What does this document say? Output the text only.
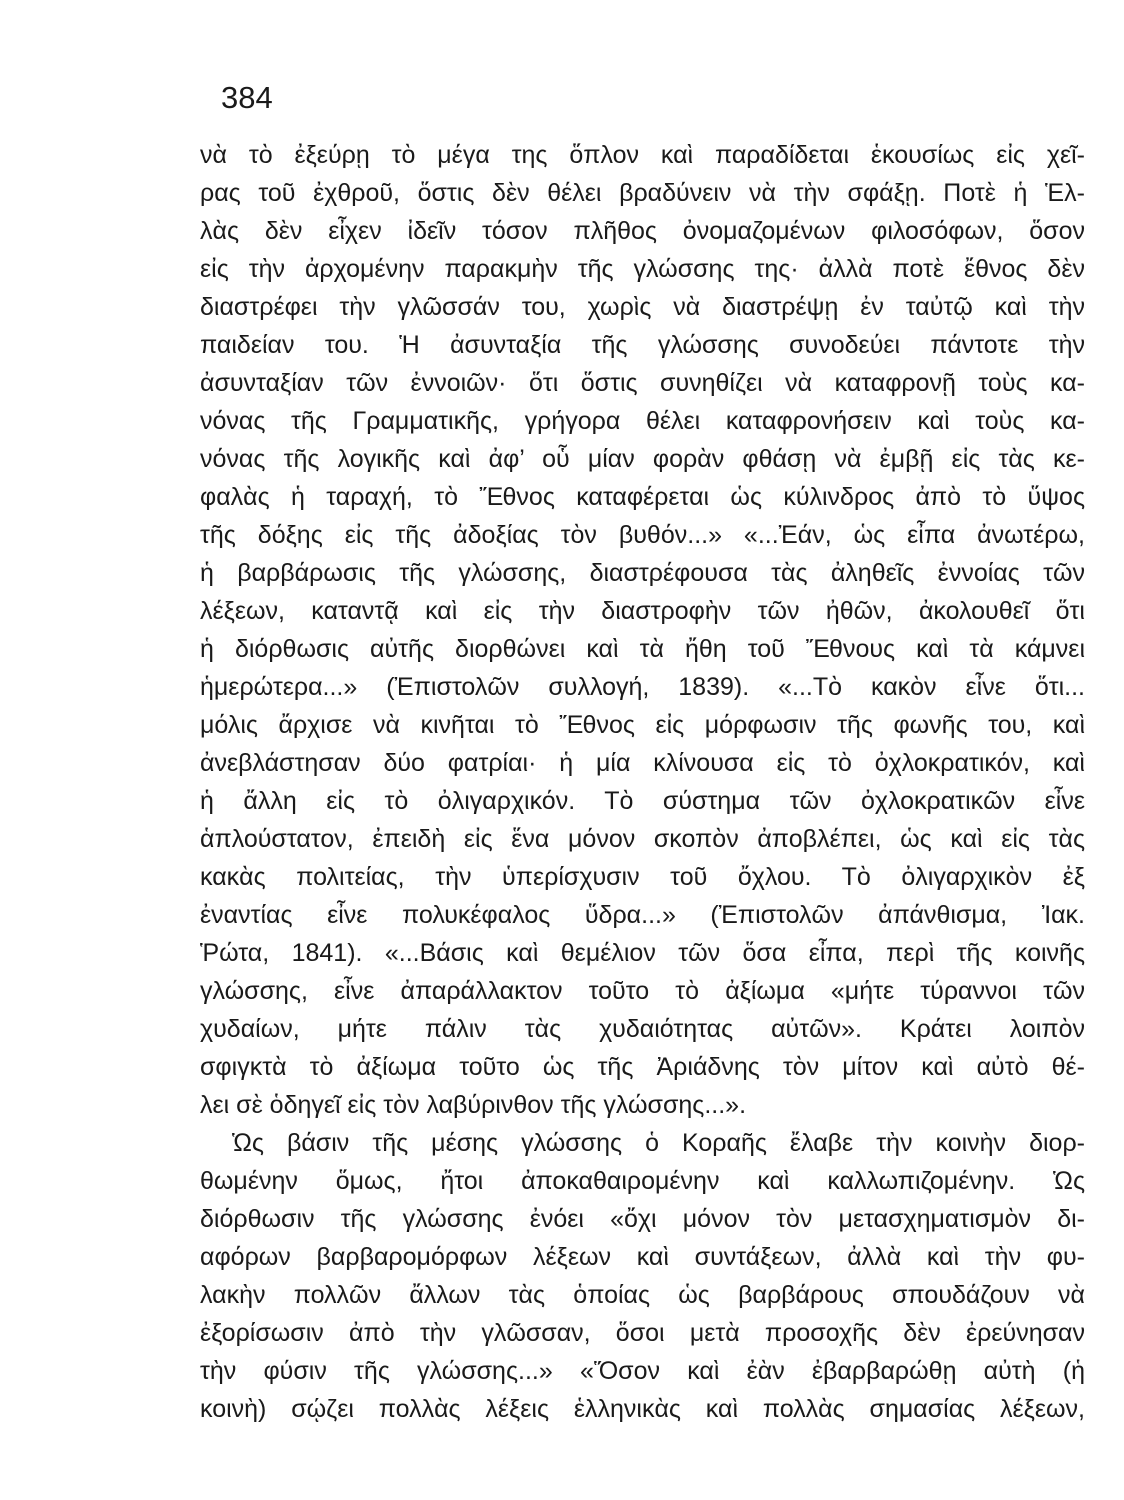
384
νὰ τὸ ἐξεύρῃ τὸ μέγα της ὅπλον καὶ παραδίδεται ἑκουσίως εἰς χεῖ-
ρας τοῦ ἐχθροῦ, ὅστις δὲν θέλει βραδύνειν νὰ τὴν σφάξῃ. Ποτὲ ἡ Ἑλ-
λὰς δὲν εἶχεν ἰδεῖν τόσον πλῆθος ὀνομαζομένων φιλοσόφων, ὅσον
εἰς τὴν ἀρχομένην παρακμὴν τῆς γλώσσης της· ἀλλὰ ποτὲ ἔθνος δὲν
διαστρέφει τὴν γλῶσσάν του, χωρὶς νὰ διαστρέψῃ ἐν ταὐτῷ καὶ τὴν
παιδείαν του. Ἡ ἀσυνταξία τῆς γλώσσης συνοδεύει πάντοτε τὴν
ἀσυνταξίαν τῶν ἐννοιῶν· ὅτι ὅστις συνηθίζει νὰ καταφρονῇ τοὺς κα-
νόνας τῆς Γραμματικῆς, γρήγορα θέλει καταφρονήσειν καὶ τοὺς κα-
νόνας τῆς λογικῆς καὶ ἀφ’ οὗ μίαν φορὰν φθάσῃ νὰ ἐμβῇ εἰς τὰς κε-
φαλὰς ἡ ταραχή, τὸ Ἔθνος καταφέρεται ὡς κύλινδρος ἀπὸ τὸ ὕψος
τῆς δόξης εἰς τῆς ἀδοξίας τὸν βυθόν...» «...Ἐάν, ὡς εἶπα ἀνωτέρω,
ἡ βαρβάρωσις τῆς γλώσσης, διαστρέφουσα τὰς ἀληθεῖς ἐννοίας τῶν
λέξεων, καταντᾷ καὶ εἰς τὴν διαστροφὴν τῶν ἠθῶν, ἀκολουθεῖ ὅτι
ἡ διόρθωσις αὐτῆς διορθώνει καὶ τὰ ἤθη τοῦ Ἔθνους καὶ τὰ κάμνει
ἡμερώτερα...» (Ἐπιστολῶν συλλογή, 1839). «...Τὸ κακὸν εἶνε ὅτι...
μόλις ἄρχισε νὰ κινῆται τὸ Ἔθνος εἰς μόρφωσιν τῆς φωνῆς του, καὶ
ἀνεβλάστησαν δύο φατρίαι· ἡ μία κλίνουσα εἰς τὸ ὀχλοκρατικόν, καὶ
ἡ ἄλλη εἰς τὸ ὀλιγαρχικόν. Τὸ σύστημα τῶν ὀχλοκρατικῶν εἶνε
ἁπλούστατον, ἐπειδὴ εἰς ἕνα μόνον σκοπὸν ἀποβλέπει, ὡς καὶ εἰς τὰς
κακὰς πολιτείας, τὴν ὑπερίσχυσιν τοῦ ὄχλου. Τὸ ὀλιγαρχικὸν ἐξ
ἐναντίας εἶνε πολυκέφαλος ὕδρα...» (Ἐπιστολῶν ἀπάνθισμα, Ἰακ.
Ῥώτα, 1841). «...Βάσις καὶ θεμέλιον τῶν ὅσα εἶπα, περὶ τῆς κοινῆς
γλώσσης, εἶνε ἀπαράλλακτον τοῦτο τὸ ἀξίωμα «μήτε τύραννοι τῶν
χυδαίων, μήτε πάλιν τὰς χυδαιότητας αὐτῶν». Κράτει λοιπὸν
σφιγκτὰ τὸ ἀξίωμα τοῦτο ὡς τῆς Ἀριάδνης τὸν μίτον καὶ αὐτὸ θέ-
λει σὲ ὁδηγεῖ εἰς τὸν λαβύρινθον τῆς γλώσσης...».
Ὡς βάσιν τῆς μέσης γλώσσης ὁ Κοραῆς ἔλαβε τὴν κοινὴν διορ-
θωμένην ὅμως, ἤτοι ἀποκαθαιρομένην καὶ καλλωπιζομένην. Ὡς
διόρθωσιν τῆς γλώσσης ἐνόει «ὄχι μόνον τὸν μετασχηματισμὸν δι-
αφόρων βαρβαρομόρφων λέξεων καὶ συντάξεων, ἀλλὰ καὶ τὴν φυ-
λακὴν πολλῶν ἄλλων τὰς ὁποίας ὡς βαρβάρους σπουδάζουν νὰ
ἐξορίσωσιν ἀπὸ τὴν γλῶσσαν, ὅσοι μετὰ προσοχῆς δὲν ἐρεύνησαν
τὴν φύσιν τῆς γλώσσης...» «Ὅσον καὶ ἐὰν ἐβαρβαρώθῃ αὐτὴ (ἡ
κοινὴ) σῴζει πολλὰς λέξεις ἑλληνικὰς καὶ πολλὰς σημασίας λέξεων,
